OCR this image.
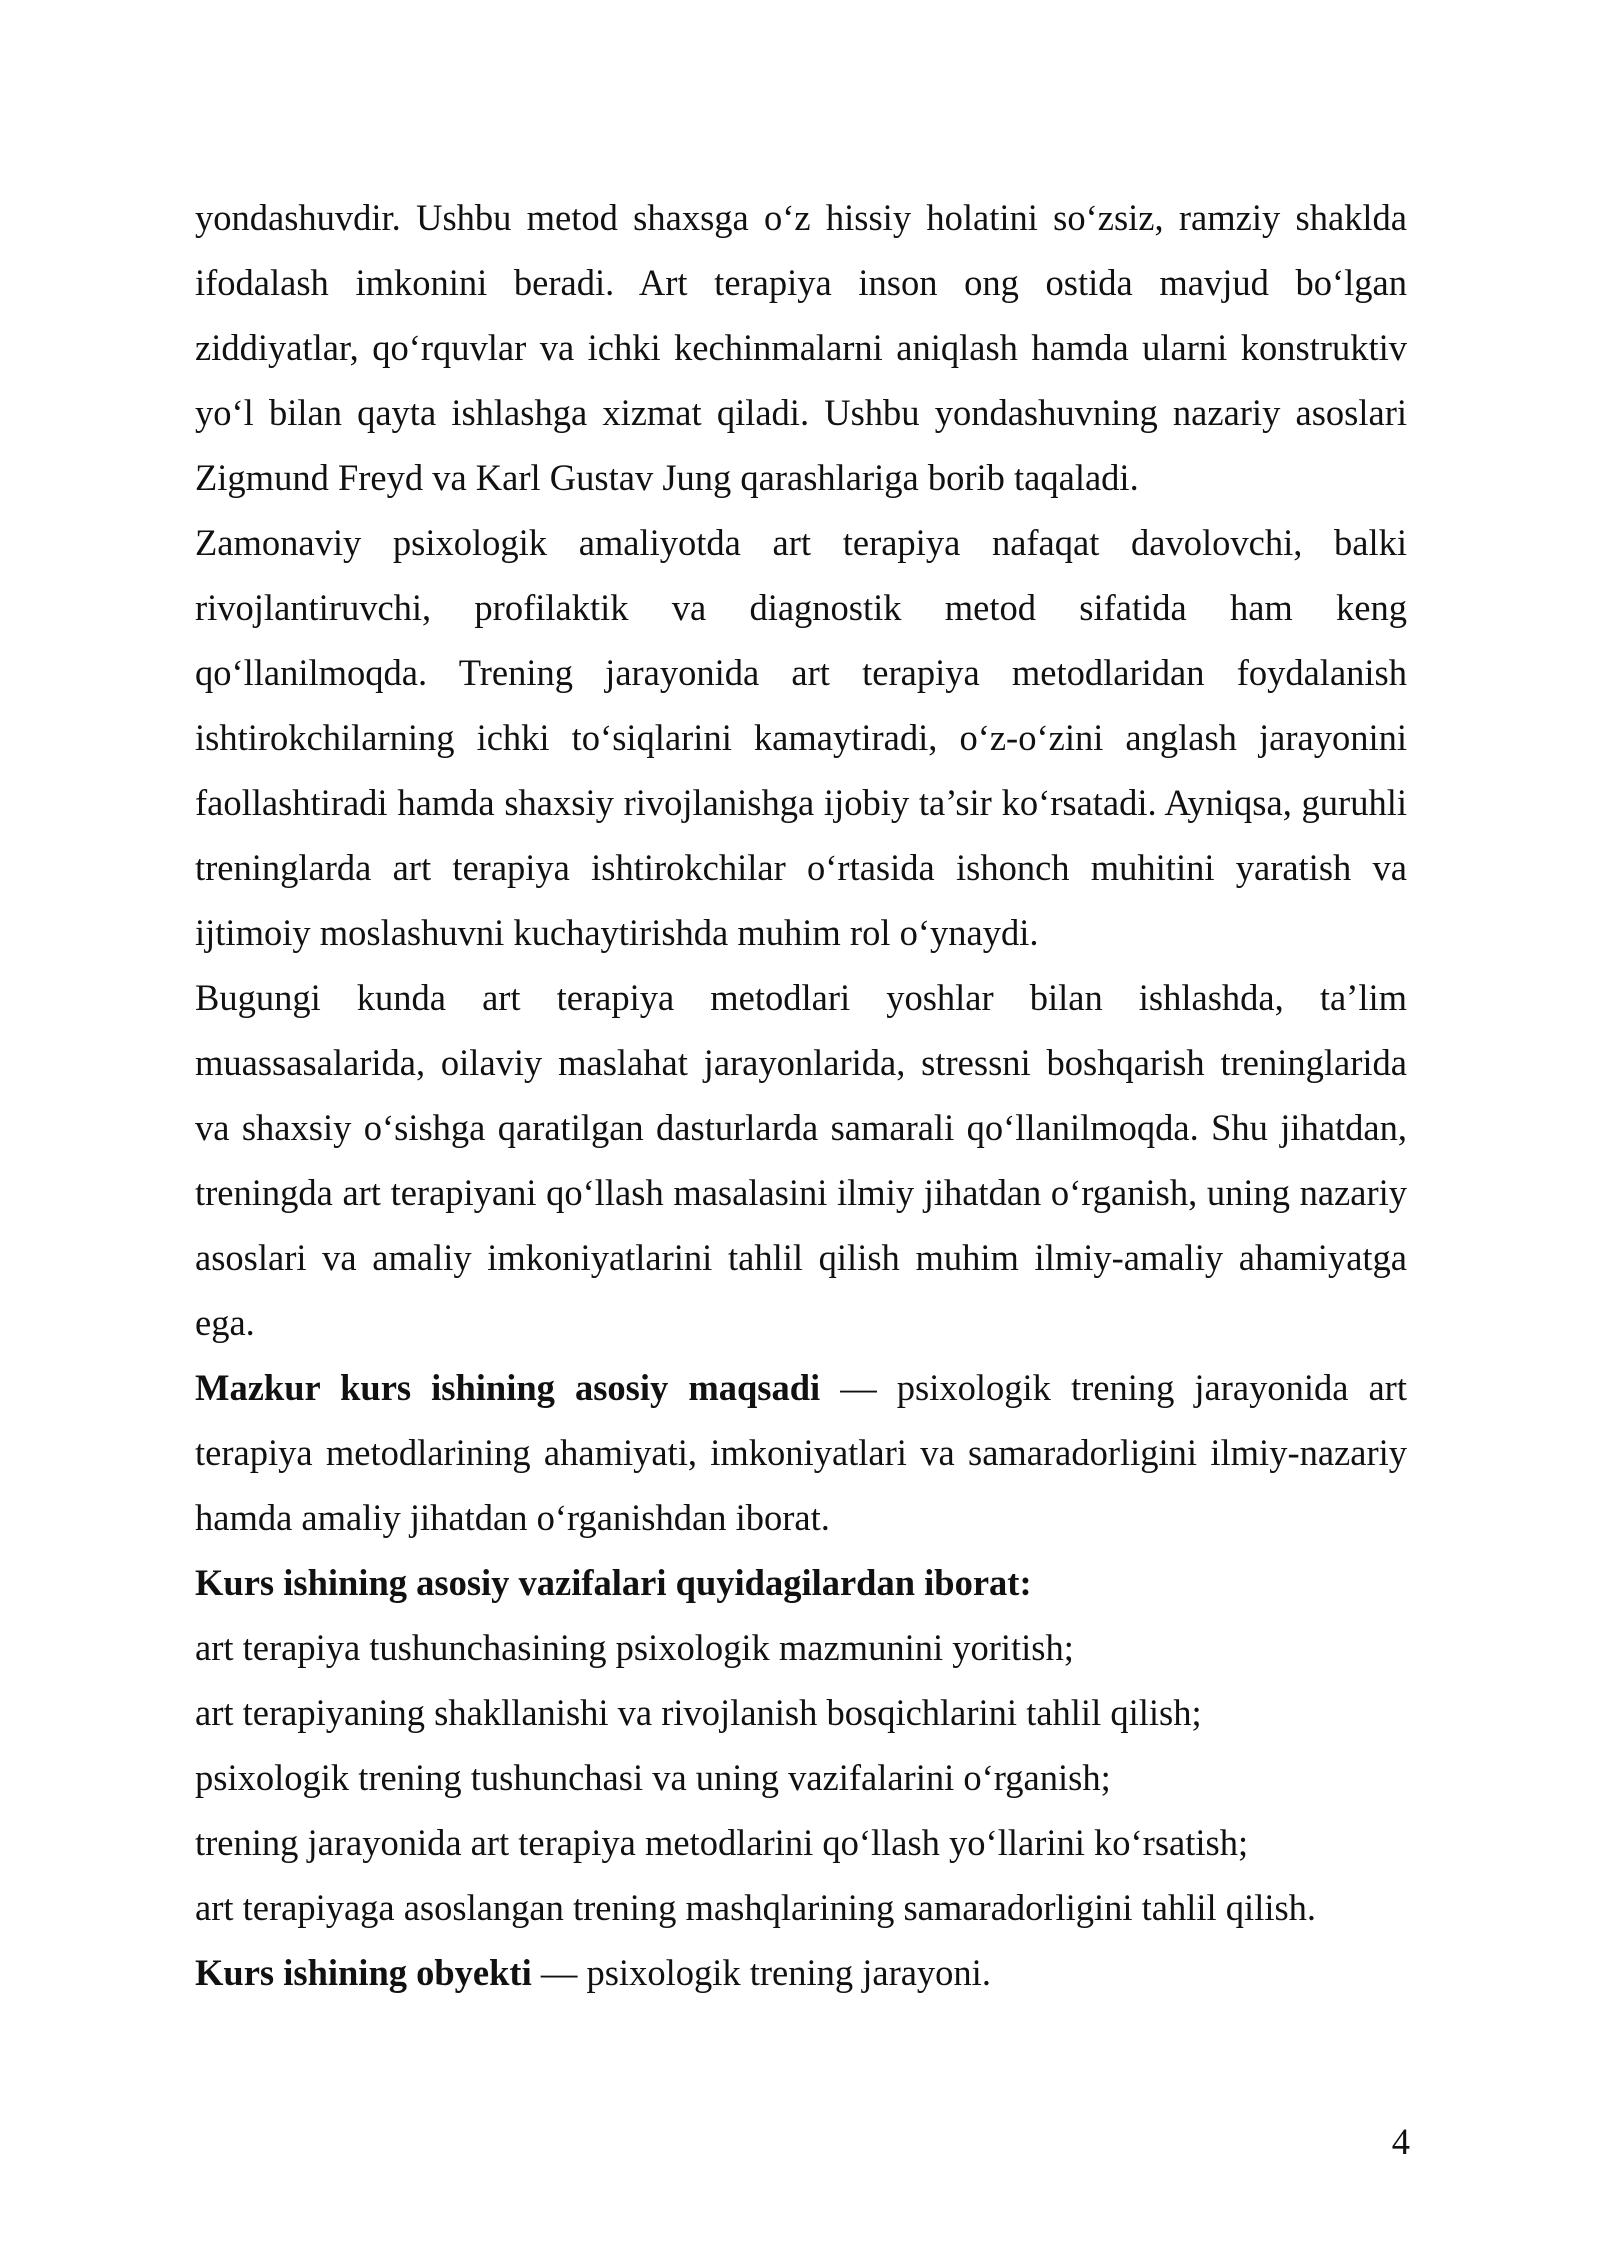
yondashuvdir. Ushbu metod shaxsga o‘z hissiy holatini so‘zsiz, ramziy shaklda ifodalash imkonini beradi. Art terapiya inson ong ostida mavjud bo‘lgan ziddiyatlar, qo‘rquvlar va ichki kechinmalarni aniqlash hamda ularni konstruktiv yo‘l bilan qayta ishlashga xizmat qiladi. Ushbu yondashuvning nazariy asoslari Zigmund Freyd va Karl Gustav Jung qarashlariga borib taqaladi.

Zamonaviy psixologik amaliyotda art terapiya nafaqat davolovchi, balki rivojlantiruvchi, profilaktik va diagnostik metod sifatida ham keng qo‘llanilmoqda. Trening jarayonida art terapiya metodlaridan foydalanish ishtirokchilarning ichki to‘siqlarini kamaytiradi, o‘z-o‘zini anglash jarayonini faollashtiradi hamda shaxsiy rivojlanishga ijobiy ta’sir ko‘rsatadi. Ayniqsa, guruhli treninglarda art terapiya ishtirokchilar o‘rtasida ishonch muhitini yaratish va ijtimoiy moslashuvni kuchaytirishda muhim rol o‘ynaydi.

Bugungi kunda art terapiya metodlari yoshlar bilan ishlashda, ta’lim muassasalarida, oilaviy maslahat jarayonlarida, stressni boshqarish treninglarida va shaxsiy o‘sishga qaratilgan dasturlarda samarali qo‘llanilmoqda. Shu jihatdan, treningda art terapiyani qo‘llash masalasini ilmiy jihatdan o‘rganish, uning nazariy asoslari va amaliy imkoniyatlarini tahlil qilish muhim ilmiy-amaliy ahamiyatga ega.

Mazkur kurs ishining asosiy maqsadi — psixologik trening jarayonida art terapiya metodlarining ahamiyati, imkoniyatlari va samaradorligini ilmiy-nazariy hamda amaliy jihatdan o‘rganishdan iborat.

Kurs ishining asosiy vazifalari quyidagilardan iborat:

art terapiya tushunchasining psixologik mazmunini yoritish;

art terapiyaning shakllanishi va rivojlanish bosqichlarini tahlil qilish;

psixologik trening tushunchasi va uning vazifalarini o‘rganish;

trening jarayonida art terapiya metodlarini qo‘llash yo‘llarini ko‘rsatish;

art terapiyaga asoslangan trening mashqlarining samaradorligini tahlil qilish.

Kurs ishining obyekti — psixologik trening jarayoni.

4
